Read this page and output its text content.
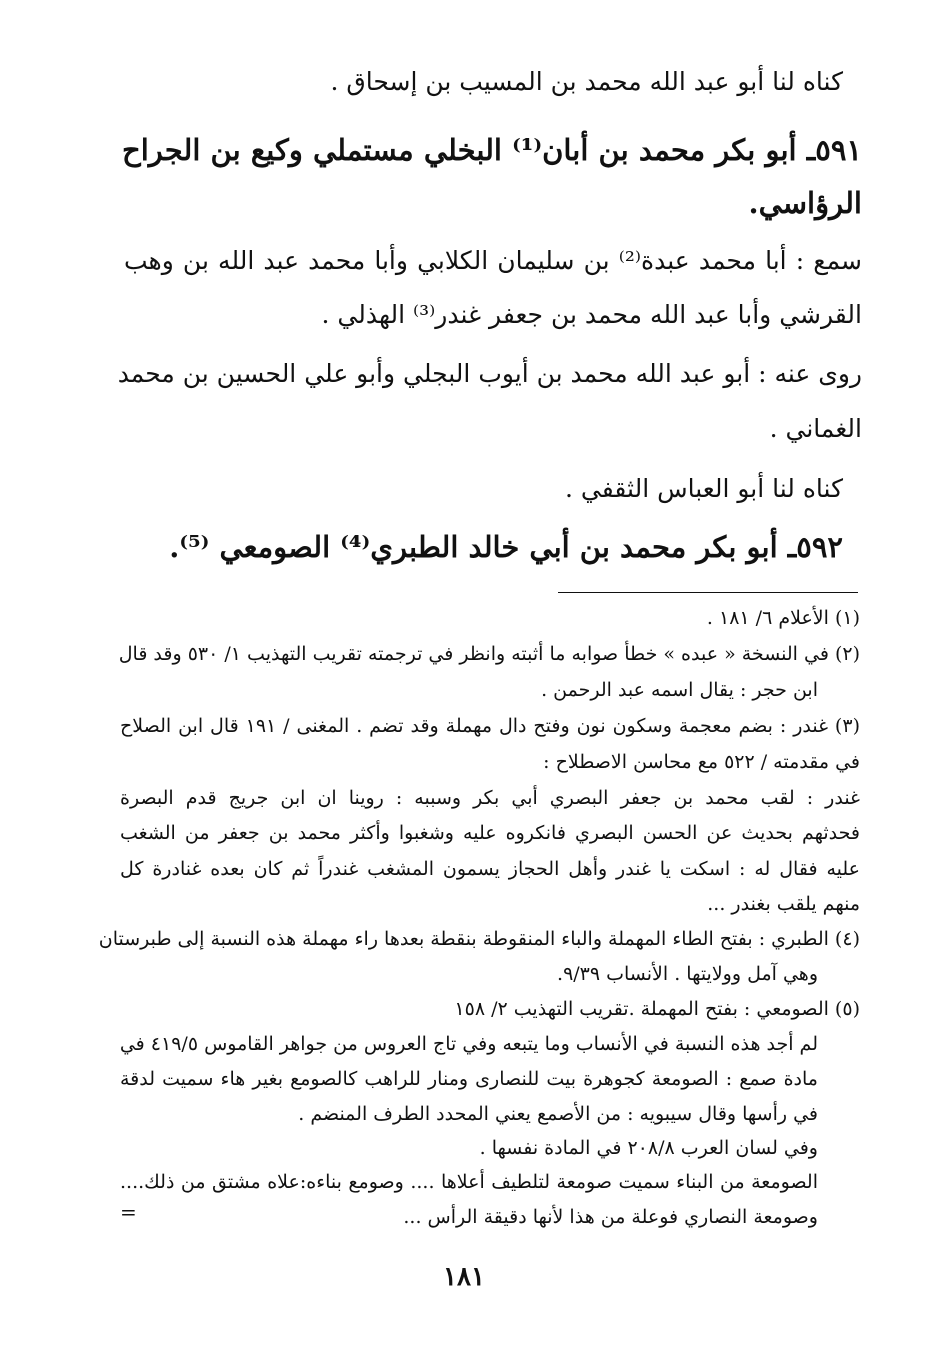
كناه لنا أبو عبد الله محمد بن المسيب بن إسحاق .
٥٩١ـ أبو بكر محمد بن أبان⁽¹⁾ البخلي مستملي وكيع بن الجراح
الرؤاسي.
سمع : أبا محمد عبدة⁽²⁾ بن سليمان الكلابي وأبا محمد عبد الله بن وهب
القرشي وأبا عبد الله محمد بن جعفر غندر⁽³⁾ الهذلي .
روى عنه : أبو عبد الله محمد بن أيوب البجلي وأبو علي الحسين بن محمد
الغماني .
كناه لنا أبو العباس الثقفي .
٥٩٢ـ أبو بكر محمد بن أبي خالد الطبري⁽⁴⁾ الصومعي ⁽⁵⁾.
(١) الأعلام ٦/ ١٨١ .
(٢) في النسخة « عبده » خطأ صوابه ما أثبته وانظر في ترجمته تقريب التهذيب ١/ ٥٣٠ وقد قال
ابن حجر : يقال اسمه عبد الرحمن .
(٣) غندر : بضم معجمة وسكون نون وفتح دال مهملة وقد تضم . المغنى / ١٩١ قال ابن الصلاح
في مقدمته / ٥٢٢ مع محاسن الاصطلاح :
غندر : لقب محمد بن جعفر البصري أبي بكر وسببه : روينا ان ابن جريج قدم البصرة
فحدثهم بحديث عن الحسن البصري فانكروه عليه وشغبوا وأكثر محمد بن جعفر من الشغب
عليه فقال له : اسكت يا غندر وأهل الحجاز يسمون المشغب غندراً ثم كان بعده غنادرة كل
منهم يلقب بغندر ...
(٤) الطبري : بفتح الطاء المهملة والباء المنقوطة بنقطة بعدها راء مهملة هذه النسبة إلى طبرستان
وهي آمل وولايتها . الأنساب ٩/٣٩.
(٥) الصومعي : بفتح المهملة .تقريب التهذيب ٢/ ١٥٨
لم أجد هذه النسبة في الأنساب وما يتبعه وفي تاج العروس من جواهر القاموس ٤١٩/٥ في
مادة صمع : الصومعة كجوهرة بيت للنصارى ومنار للراهب كالصومع بغير هاء سميت لدقة
في رأسها وقال سيبويه : من الأصمع يعني المحدد الطرف المنضم .
وفي لسان العرب ٢٠٨/٨ في المادة نفسها .
الصومعة من البناء سميت صومعة لتلطيف أعلاها .... وصومع بناءه:علاه مشتق من ذلك....
وصومعة النصاري فوعلة من هذا لأنها دقيقة الرأس ...
=
١٨١
